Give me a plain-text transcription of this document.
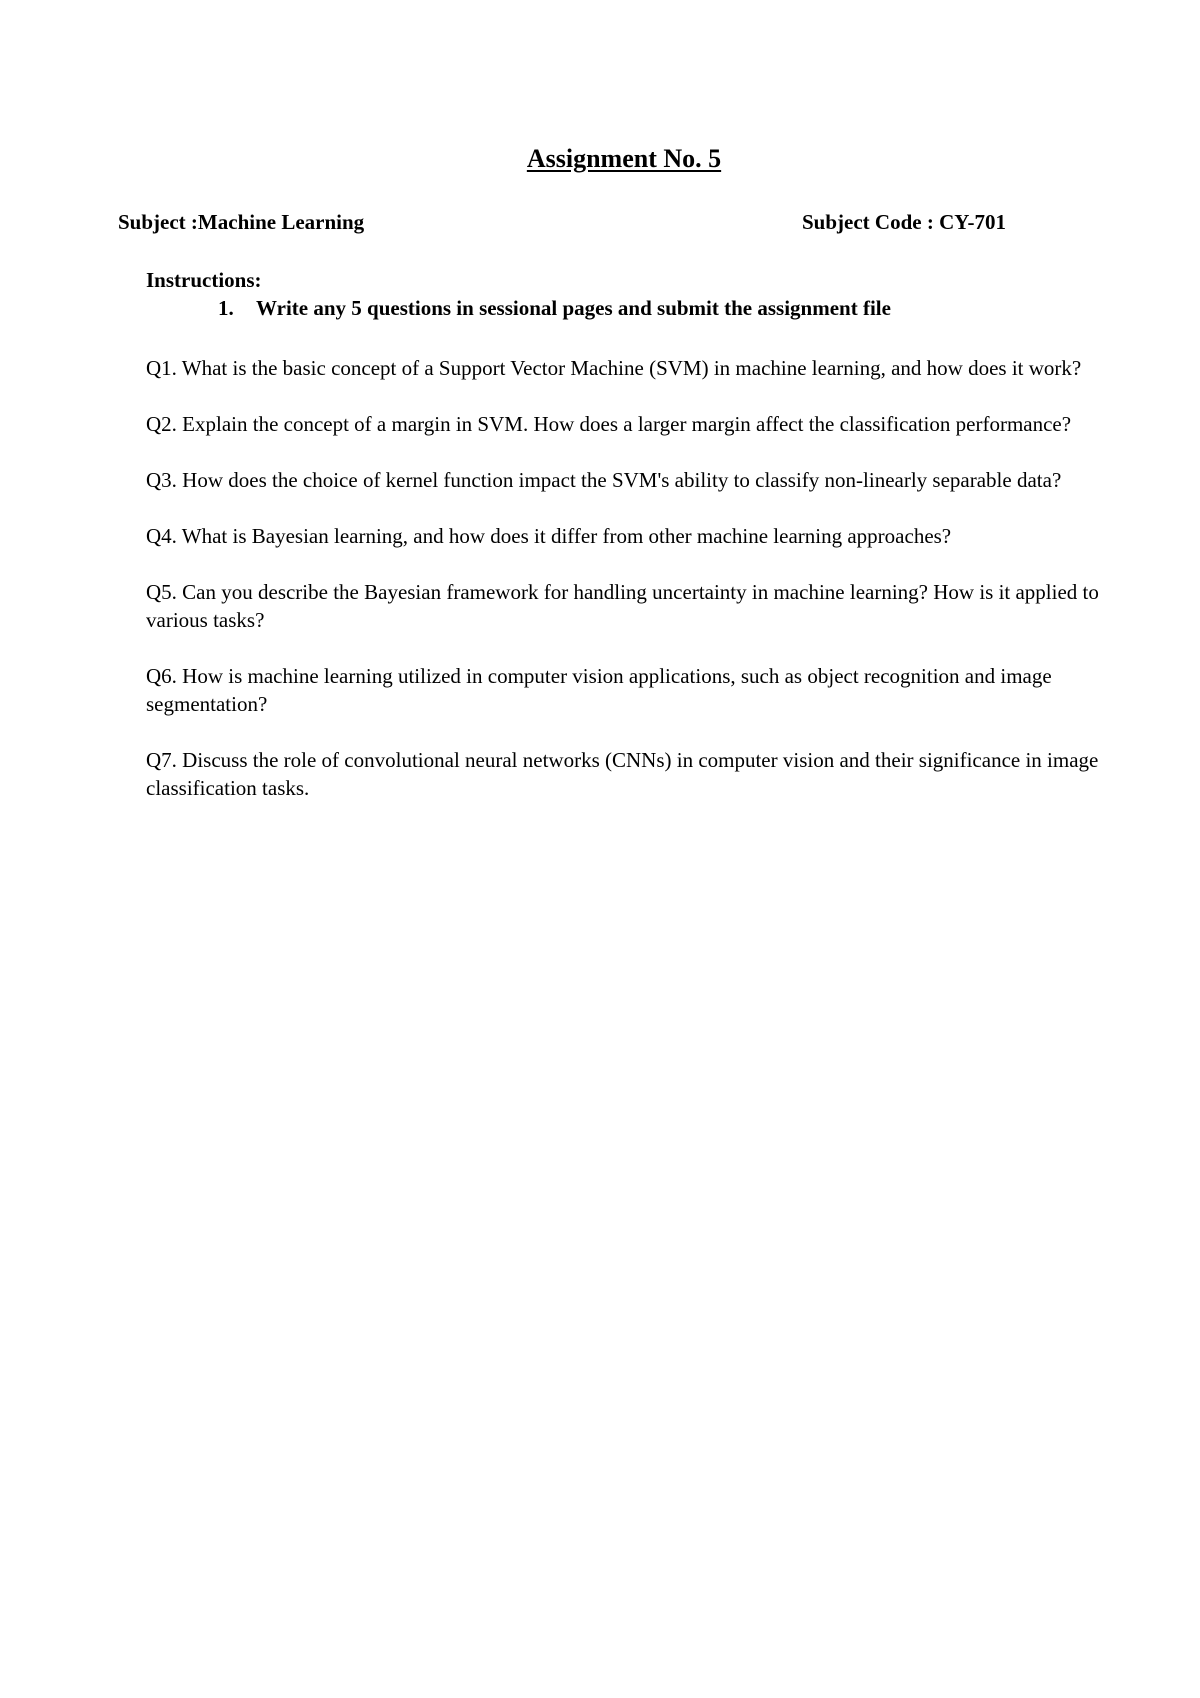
Assignment No. 5
Subject :Machine Learning	Subject Code : CY-701
Instructions:
1. Write any 5 questions in sessional pages and submit the assignment file

Q1. What is the basic concept of a Support Vector Machine (SVM) in machine learning, and how does it work?

Q2. Explain the concept of a margin in SVM. How does a larger margin affect the classification performance?

Q3. How does the choice of kernel function impact the SVM's ability to classify non-linearly separable data?

Q4. What is Bayesian learning, and how does it differ from other machine learning approaches?

Q5. Can you describe the Bayesian framework for handling uncertainty in machine learning? How is it applied to various tasks?

Q6. How is machine learning utilized in computer vision applications, such as object recognition and image segmentation?

Q7. Discuss the role of convolutional neural networks (CNNs) in computer vision and their significance in image classification tasks.
